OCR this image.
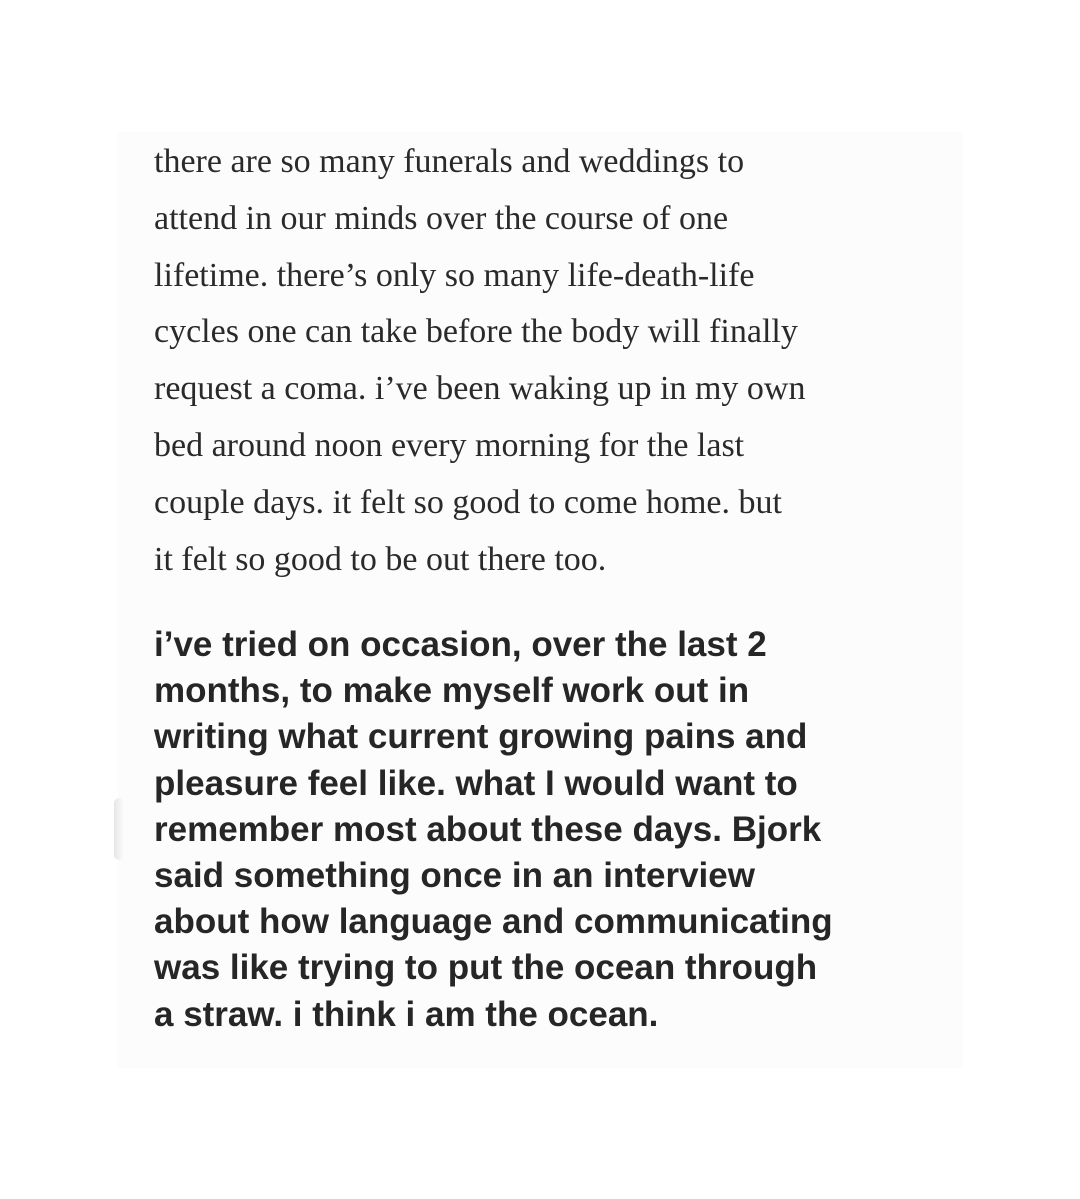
there are so many funerals and weddings to
attend in our minds over the course of one
lifetime. there’s only so many life-death-life
cycles one can take before the body will finally
request a coma. i’ve been waking up in my own
bed around noon every morning for the last
couple days. it felt so good to come home. but
it felt so good to be out there too.

i’ve tried on occasion, over the last 2
months, to make myself work out in
writing what current growing pains and
pleasure feel like. what I would want to
remember most about these days. Bjork
said something once in an interview
about how language and communicating
was like trying to put the ocean through
a straw. i think i am the ocean.
